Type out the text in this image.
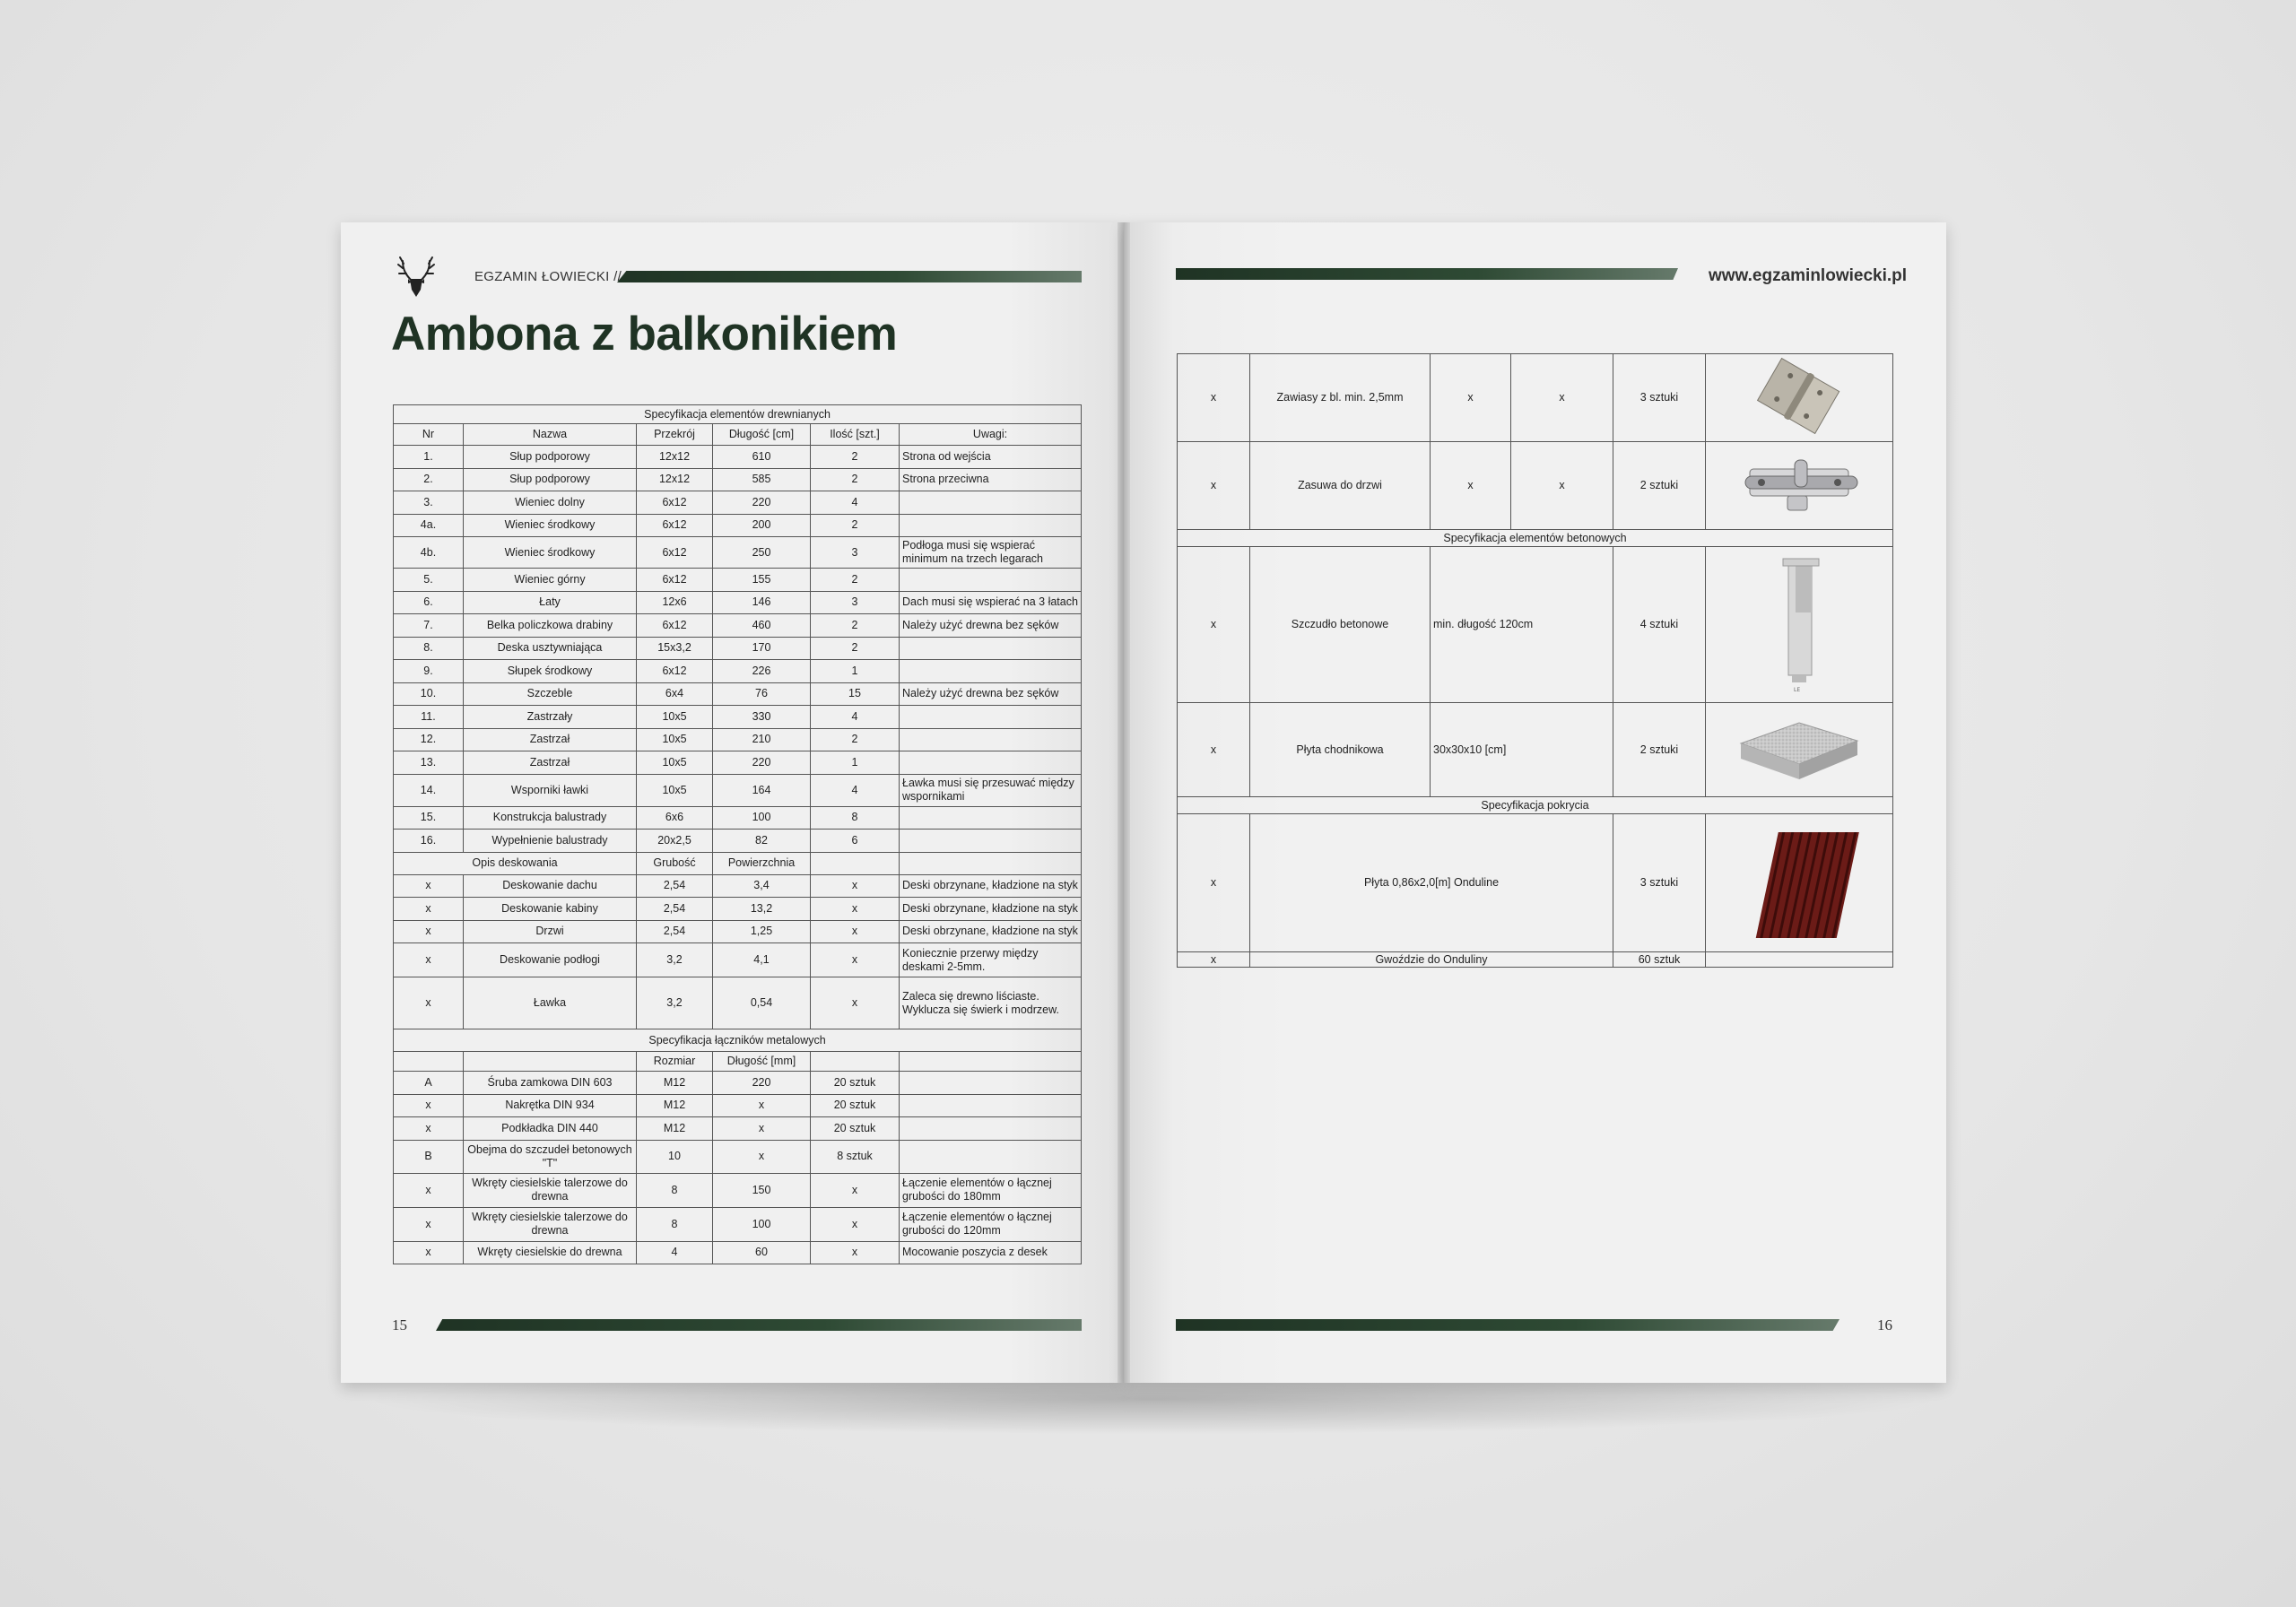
EGZAMIN ŁOWIECKI //
Ambona z balkonikiem
Specyfikacja elementów drewnianych					
Nr	Nazwa	Przekrój	Długość [cm]	Ilość [szt.]	Uwagi:
1.	Słup podporowy	12x12	610	2	Strona od wejścia
2.	Słup podporowy	12x12	585	2	Strona przeciwna
3.	Wieniec dolny	6x12	220	4	
4a.	Wieniec środkowy	6x12	200	2	
4b.	Wieniec środkowy	6x12	250	3	Podłoga musi się wspierać minimum na trzech legarach
5.	Wieniec górny	6x12	155	2	
6.	Łaty	12x6	146	3	Dach musi się wspierać na 3 łatach
7.	Belka policzkowa drabiny	6x12	460	2	Należy użyć drewna bez sęków
8.	Deska usztywniająca	15x3,2	170	2	
9.	Słupek środkowy	6x12	226	1	
10.	Szczeble	6x4	76	15	Należy użyć drewna bez sęków
11.	Zastrzały	10x5	330	4	
12.	Zastrzał	10x5	210	2	
13.	Zastrzał	10x5	220	1	
14.	Wsporniki ławki	10x5	164	4	Ławka musi się przesuwać między wspornikami
15.	Konstrukcja balustrady	6x6	100	8	
16.	Wypełnienie balustrady	20x2,5	82	6	
Opis deskowania		Grubość	Powierzchnia		
x	Deskowanie dachu	2,54	3,4	x	Deski obrzynane, kładzione na styk
x	Deskowanie kabiny	2,54	13,2	x	Deski obrzynane, kładzione na styk
x	Drzwi	2,54	1,25	x	Deski obrzynane, kładzione na styk
x	Deskowanie podłogi	3,2	4,1	x	Koniecznie przerwy między deskami 2-5mm.
x	Ławka	3,2	0,54	x	Zaleca się drewno liściaste. Wyklucza się świerk i modrzew.
Specyfikacja łączników metalowych					
		Rozmiar	Długość [mm]		
A	Śruba zamkowa DIN 603	M12	220	20 sztuk	
x	Nakrętka DIN 934	M12	x	20 sztuk	
x	Podkładka DIN 440	M12	x	20 sztuk	
B	Obejma do szczudeł betonowych "T"	10	x	8 sztuk	
x	Wkręty ciesielskie talerzowe do drewna	8	150	x	Łączenie elementów o łącznej grubości do 180mm
x	Wkręty ciesielskie talerzowe do drewna	8	100	x	Łączenie elementów o łącznej grubości do 120mm
x	Wkręty ciesielskie do drewna	4	60	x	Mocowanie poszycia z desek
15
www.egzaminlowiecki.pl
x	Zawiasy z bl. min. 2,5mm	x	x	3 sztuki	
x	Zasuwa do drzwi	x	x	2 sztuki	
Specyfikacja elementów betonowych					
x	Szczudło betonowe	min. długość 120cm		4 sztuki	LE

x	Płyta chodnikowa	30x30x10 [cm]		2 sztuki	
Specyfikacja pokrycia					
x	Płyta 0,86x2,0[m] Onduline			3 sztuki	
x	Gwoździe do Onduliny			60 sztuk	
16
